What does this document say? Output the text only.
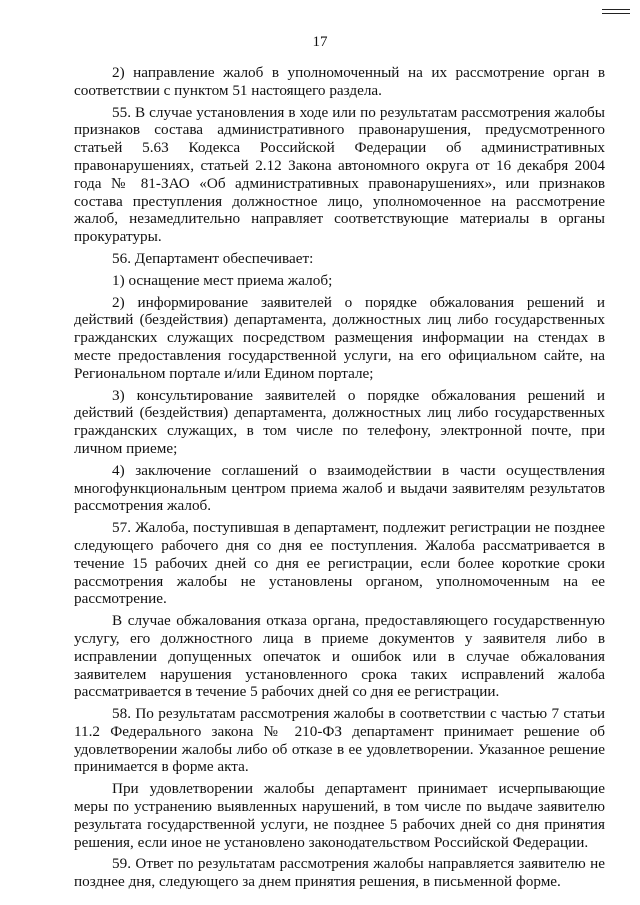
17

2) направление жалоб в уполномоченный на их рассмотрение орган в соответствии с пунктом 51 настоящего раздела.

55. В случае установления в ходе или по результатам рассмотрения жалобы признаков состава административного правонарушения, предусмотренного статьей 5.63 Кодекса Российской Федерации об административных правонарушениях, статьей 2.12 Закона автономного округа от 16 декабря 2004 года № 81-ЗАО «Об административных правонарушениях», или признаков состава преступления должностное лицо, уполномоченное на рассмотрение жалоб, незамедлительно направляет соответствующие материалы в органы прокуратуры.

56. Департамент обеспечивает:

1) оснащение мест приема жалоб;

2) информирование заявителей о порядке обжалования решений и действий (бездействия) департамента, должностных лиц либо государственных гражданских служащих посредством размещения информации на стендах в месте предоставления государственной услуги, на его официальном сайте, на Региональном портале и/или Едином портале;

3) консультирование заявителей о порядке обжалования решений и действий (бездействия) департамента, должностных лиц либо государственных гражданских служащих, в том числе по телефону, электронной почте, при личном приеме;

4) заключение соглашений о взаимодействии в части осуществления многофункциональным центром приема жалоб и выдачи заявителям результатов рассмотрения жалоб.

57. Жалоба, поступившая в департамент, подлежит регистрации не позднее следующего рабочего дня со дня ее поступления. Жалоба рассматривается в течение 15 рабочих дней со дня ее регистрации, если более короткие сроки рассмотрения жалобы не установлены органом, уполномоченным на ее рассмотрение.

В случае обжалования отказа органа, предоставляющего государственную услугу, его должностного лица в приеме документов у заявителя либо в исправлении допущенных опечаток и ошибок или в случае обжалования заявителем нарушения установленного срока таких исправлений жалоба рассматривается в течение 5 рабочих дней со дня ее регистрации.

58. По результатам рассмотрения жалобы в соответствии с частью 7 статьи 11.2 Федерального закона № 210-ФЗ департамент принимает решение об удовлетворении жалобы либо об отказе в ее удовлетворении. Указанное решение принимается в форме акта.

При удовлетворении жалобы департамент принимает исчерпывающие меры по устранению выявленных нарушений, в том числе по выдаче заявителю результата государственной услуги, не позднее 5 рабочих дней со дня принятия решения, если иное не установлено законодательством Российской Федерации.

59. Ответ по результатам рассмотрения жалобы направляется заявителю не позднее дня, следующего за днем принятия решения, в письменной форме.
